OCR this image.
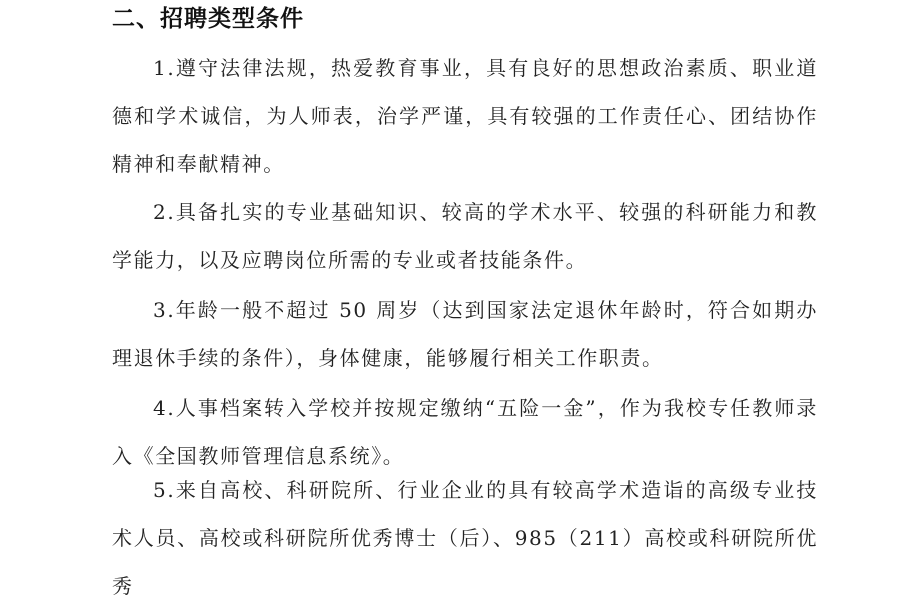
二、招聘类型条件
1.遵守法律法规，热爱教育事业，具有良好的思想政治素质、职业道德和学术诚信，为人师表，治学严谨，具有较强的工作责任心、团结协作精神和奉献精神。
2.具备扎实的专业基础知识、较高的学术水平、较强的科研能力和教学能力，以及应聘岗位所需的专业或者技能条件。
3.年龄一般不超过 50 周岁（达到国家法定退休年龄时，符合如期办理退休手续的条件），身体健康，能够履行相关工作职责。
4.人事档案转入学校并按规定缴纳“五险一金”，作为我校专任教师录入《全国教师管理信息系统》。
5.来自高校、科研院所、行业企业的具有较高学术造诣的高级专业技术人员、高校或科研院所优秀博士（后）、985（211）高校或科研院所优秀
